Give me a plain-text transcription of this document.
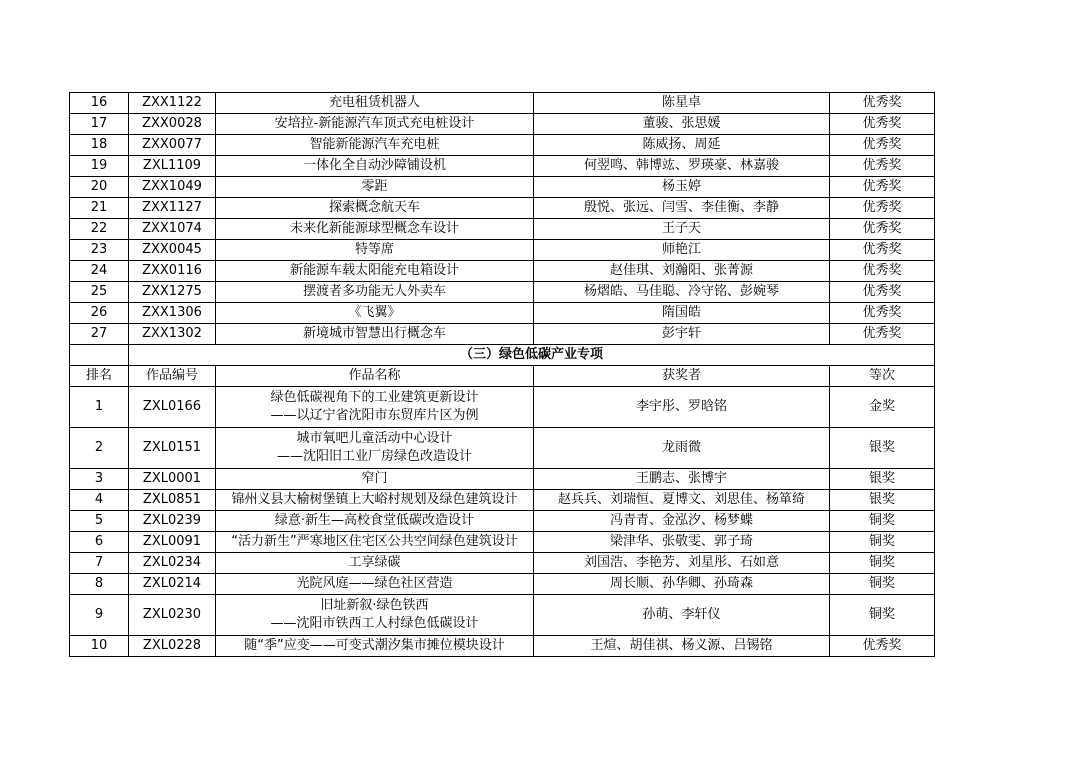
16	ZXX1122	充电租赁机器人	陈星卓	优秀奖
17	ZXX0028	安培拉-新能源汽车顶式充电桩设计	董骏、张思媛	优秀奖
18	ZXX0077	智能新能源汽车充电桩	陈威扬、周延	优秀奖
19	ZXL1109	一体化全自动沙障铺设机	何翌鸣、韩博竑、罗瑛豪、林嘉骏	优秀奖
20	ZXX1049	零距	杨玉婷	优秀奖
21	ZXX1127	探索概念航天车	殷悦、张远、闫雪、李佳衡、李静	优秀奖
22	ZXX1074	未来化新能源球型概念车设计	王子天	优秀奖
23	ZXX0045	特等席	师艳江	优秀奖
24	ZXX0116	新能源车载太阳能充电箱设计	赵佳琪、刘瀚阳、张菁源	优秀奖
25	ZXX1275	摆渡者多功能无人外卖车	杨熠皓、马佳聪、冷守铭、彭婉琴	优秀奖
26	ZXX1306	《飞翼》	隋国皓	优秀奖
27	ZXX1302	新境城市智慧出行概念车	彭宇轩	优秀奖
	（三）绿色低碳产业专项			
排名	作品编号	作品名称	获奖者	等次
1	ZXL0166	绿色低碳视角下的工业建筑更新设计
——以辽宁省沈阳市东贸库片区为例	李宇彤、罗晗铭	金奖
2	ZXL0151	城市氧吧儿童活动中心设计
——沈阳旧工业厂房绿色改造设计	龙雨微	银奖
3	ZXL0001	窄门	王鹏志、张博宇	银奖
4	ZXL0851	锦州义县大榆树堡镇上大峪村规划及绿色建筑设计	赵兵兵、刘瑞恒、夏博文、刘思佳、杨箪绮	银奖
5	ZXL0239	绿意·新生—高校食堂低碳改造设计	冯青青、金泓汐、杨梦蝶	铜奖
6	ZXL0091	“活力新生”严寒地区住宅区公共空间绿色建筑设计	梁津华、张敬雯、郭子琦	铜奖
7	ZXL0234	工享绿碳	刘国浩、李艳芳、刘星彤、石如意	铜奖
8	ZXL0214	光院风庭——绿色社区营造	周长顺、孙华卿、孙琦森	铜奖
9	ZXL0230	旧址新叙·绿色铁西
——沈阳市铁西工人村绿色低碳设计	孙萌、李轩仪	铜奖
10	ZXL0228	随“季”应变——可变式潮汐集市摊位模块设计	王煊、胡佳祺、杨义源、吕锡铭	优秀奖
